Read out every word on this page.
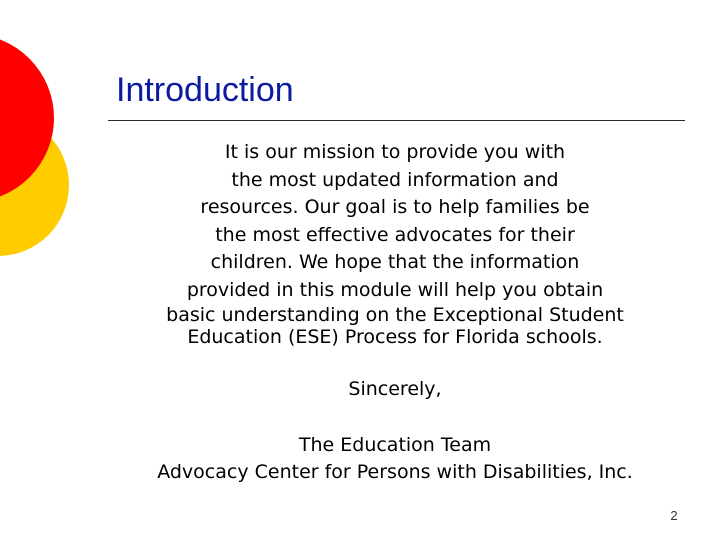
Introduction
It is our mission to provide you with
the most updated information and
resources. Our goal is to help families be
the most effective advocates for their
children. We hope that the information
provided in this module will help you obtain
basic understanding on the Exceptional Student
Education (ESE) Process for Florida schools.
Sincerely,
The Education Team
Advocacy Center for Persons with Disabilities, Inc.
2
